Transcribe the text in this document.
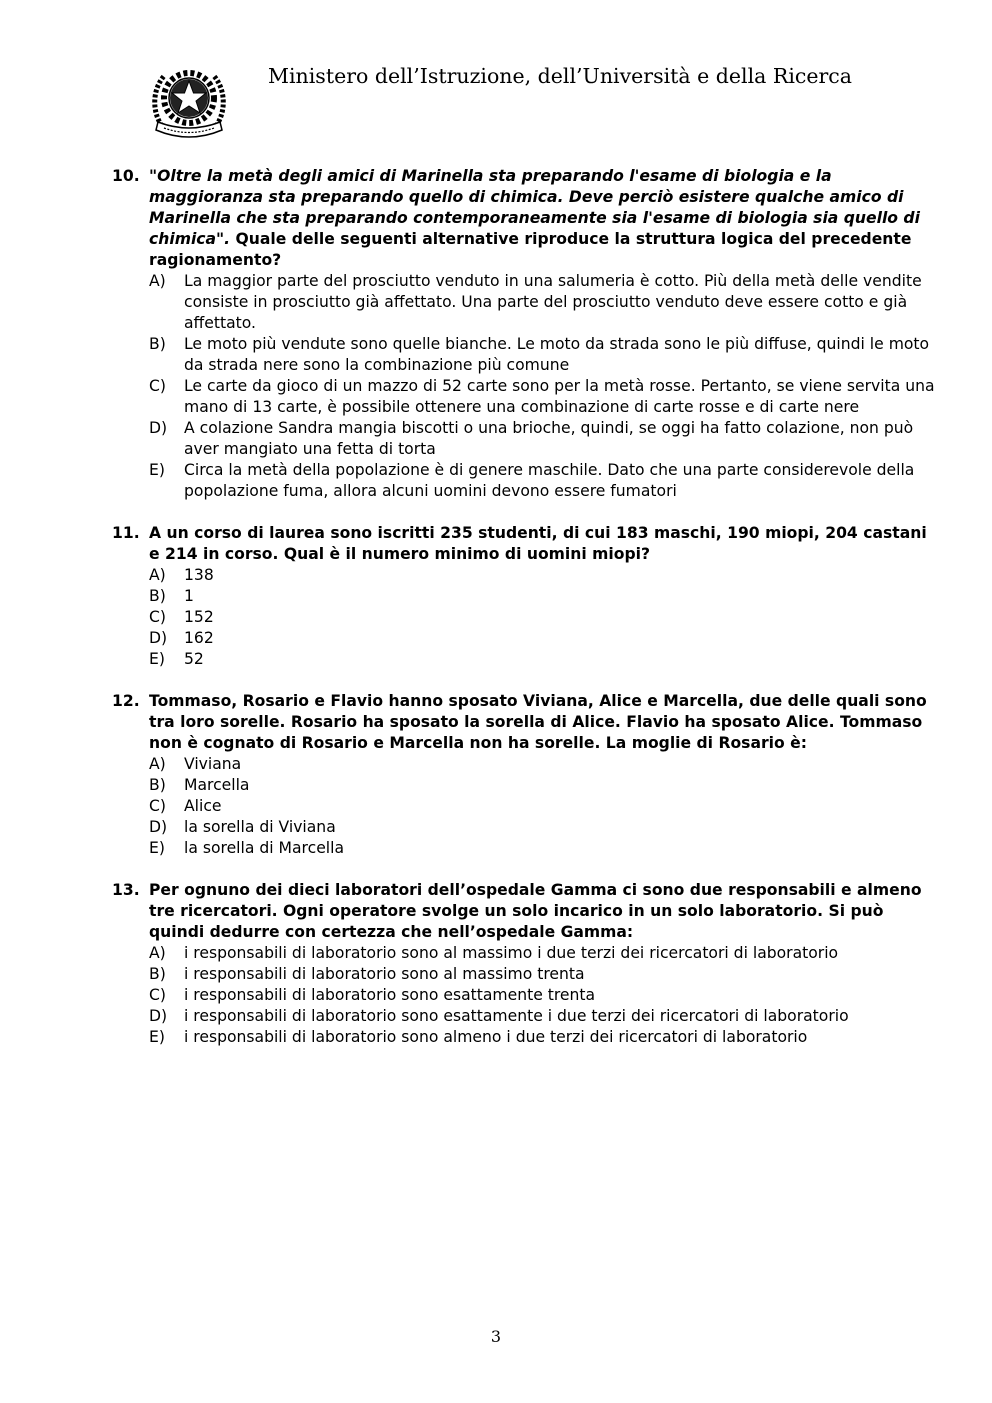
Ministero dell’Istruzione, dell’Università e della Ricerca
10. "Oltre la metà degli amici di Marinella sta preparando l'esame di biologia e la maggioranza sta preparando quello di chimica. Deve perciò esistere qualche amico di Marinella che sta preparando contemporaneamente sia l'esame di biologia sia quello di chimica". Quale delle seguenti alternative riproduce la struttura logica del precedente ragionamento?
A)	La maggior parte del prosciutto venduto in una salumeria è cotto. Più della metà delle vendite consiste in prosciutto già affettato. Una parte del prosciutto venduto deve essere cotto e già affettato.
B)	Le moto più vendute sono quelle bianche. Le moto da strada sono le più diffuse, quindi le moto da strada nere sono la combinazione più comune
C)	Le carte da gioco di un mazzo di 52 carte sono per la metà rosse. Pertanto, se viene servita una mano di 13 carte, è possibile ottenere una combinazione di carte rosse e di carte nere
D)	A colazione Sandra mangia biscotti o una brioche, quindi, se oggi ha fatto colazione, non può aver mangiato una fetta di torta
E)	Circa la metà della popolazione è di genere maschile. Dato che una parte considerevole della popolazione fuma, allora alcuni uomini devono essere fumatori
11. A un corso di laurea sono iscritti 235 studenti, di cui 183 maschi, 190 miopi, 204 castani e 214 in corso. Qual è il numero minimo di uomini miopi?
A)	138
B)	1
C)	152
D)	162
E)	52
12. Tommaso, Rosario e Flavio hanno sposato Viviana, Alice e Marcella, due delle quali sono tra loro sorelle. Rosario ha sposato la sorella di Alice. Flavio ha sposato Alice. Tommaso non è cognato di Rosario e Marcella non ha sorelle. La moglie di Rosario è:
A)	Viviana
B)	Marcella
C)	Alice
D)	la sorella di Viviana
E)	la sorella di Marcella
13. Per ognuno dei dieci laboratori dell’ospedale Gamma ci sono due responsabili e almeno tre ricercatori. Ogni operatore svolge un solo incarico in un solo laboratorio. Si può quindi dedurre con certezza che nell’ospedale Gamma:
A)	i responsabili di laboratorio sono al massimo i due terzi dei ricercatori di laboratorio
B)	i responsabili di laboratorio sono al massimo trenta
C)	i responsabili di laboratorio sono esattamente trenta
D)	i responsabili di laboratorio sono esattamente i due terzi dei ricercatori di laboratorio
E)	i responsabili di laboratorio sono almeno i due terzi dei ricercatori di laboratorio
3
